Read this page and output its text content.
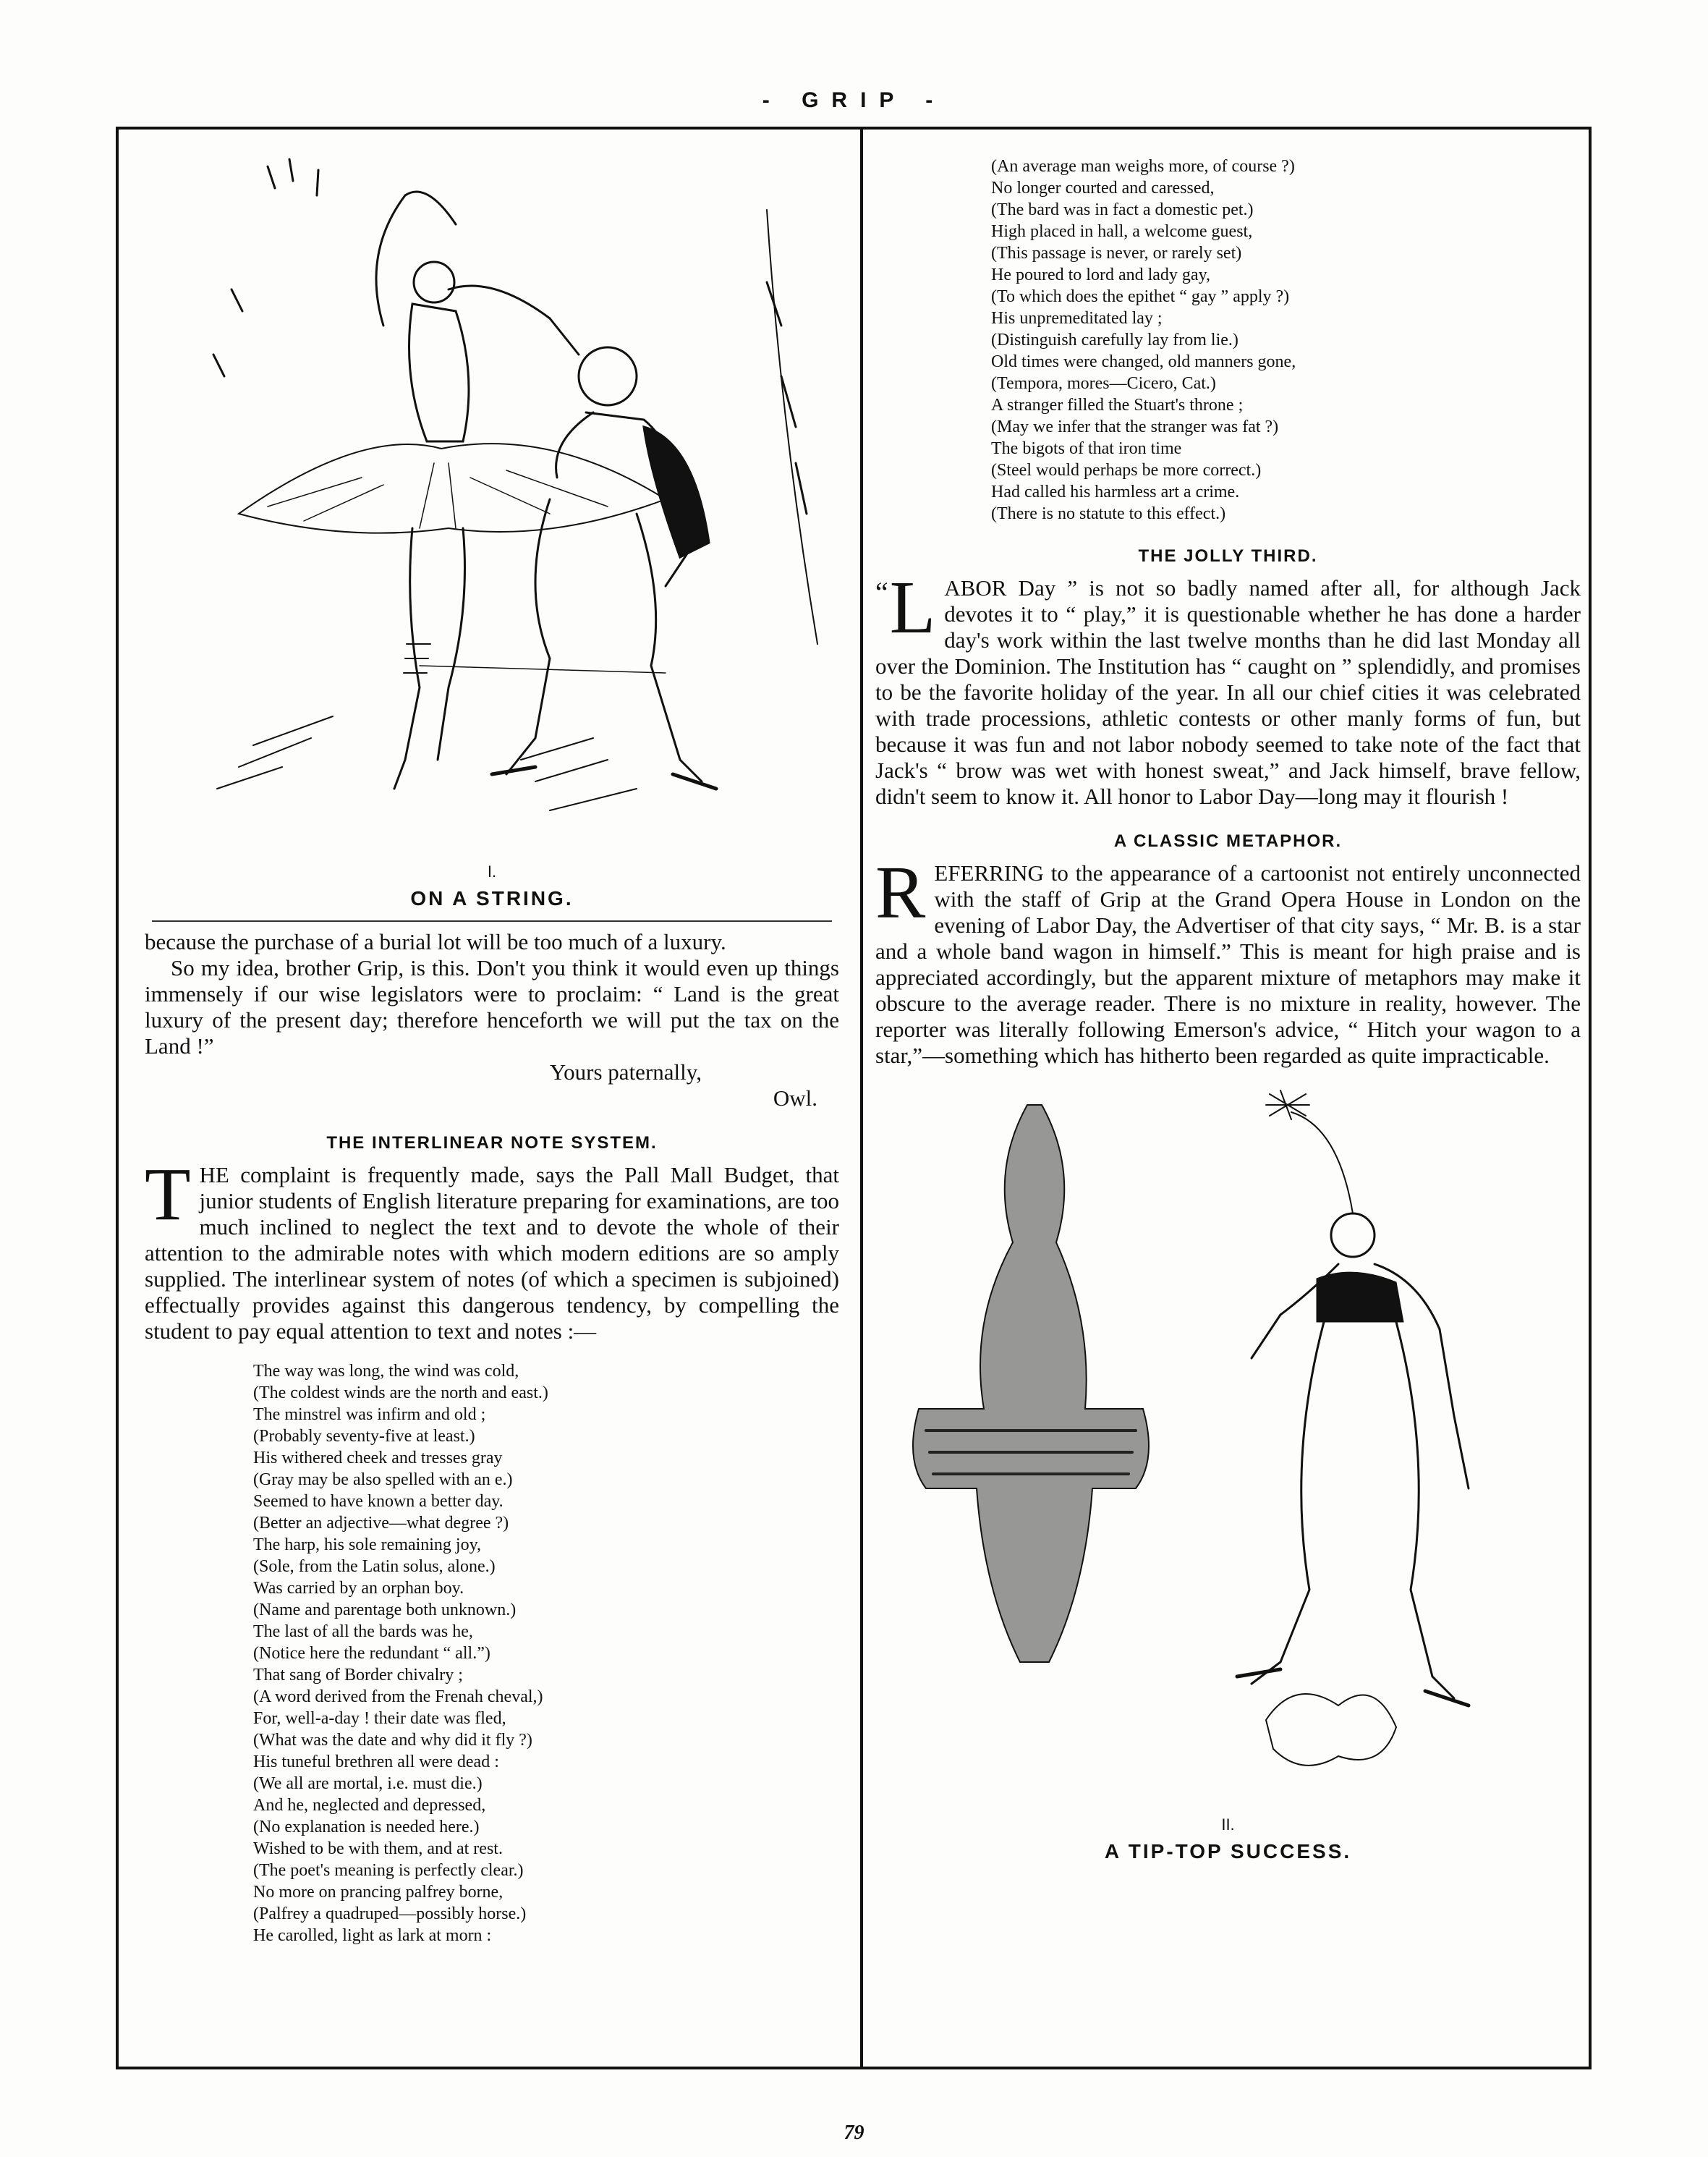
- GRIP -
I.
ON A STRING.

because the purchase of a burial lot will be too much of a luxury.

So my idea, brother Grip, is this. Don't you think it would even up things immensely if our wise legislators were to proclaim: “ Land is the great luxury of the present day; therefore henceforth we will put the tax on the Land !”

Yours paternally,

Owl.

THE INTERLINEAR NOTE SYSTEM.
T HE complaint is frequently made, says the Pall Mall Budget, that junior students of English literature preparing for examinations, are too much inclined to neglect the text and to devote the whole of their attention to the admirable notes with which modern editions are so amply supplied. The interlinear system of notes (of which a specimen is subjoined) effectually provides against this dangerous tendency, by compelling the student to pay equal attention to text and notes :—

The way was long, the wind was cold,
(The coldest winds are the north and east.)
The minstrel was infirm and old ;
(Probably seventy-five at least.)
His withered cheek and tresses gray
(Gray may be also spelled with an e.)
Seemed to have known a better day.
(Better an adjective—what degree ?)
The harp, his sole remaining joy,
(Sole, from the Latin solus, alone.)
Was carried by an orphan boy.
(Name and parentage both unknown.)
The last of all the bards was he,
(Notice here the redundant “ all.”)
That sang of Border chivalry ;
(A word derived from the Frenah cheval,)
For, well-a-day ! their date was fled,
(What was the date and why did it fly ?)
His tuneful brethren all were dead :
(We all are mortal, i.e. must die.)
And he, neglected and depressed,
(No explanation is needed here.)
Wished to be with them, and at rest.
(The poet's meaning is perfectly clear.)
No more on prancing palfrey borne,
(Palfrey a quadruped—possibly horse.)
He carolled, light as lark at morn :
(An average man weighs more, of course ?)
No longer courted and caressed,
(The bard was in fact a domestic pet.)
High placed in hall, a welcome guest,
(This passage is never, or rarely set)
He poured to lord and lady gay,
(To which does the epithet “ gay ” apply ?)
His unpremeditated lay ;
(Distinguish carefully lay from lie.)
Old times were changed, old manners gone,
(Tempora, mores—Cicero, Cat.)
A stranger filled the Stuart's throne ;
(May we infer that the stranger was fat ?)
The bigots of that iron time
(Steel would perhaps be more correct.)
Had called his harmless art a crime.
(There is no statute to this effect.)
THE JOLLY THIRD.
“ L ABOR Day ” is not so badly named after all, for although Jack devotes it to “ play,” it is questionable whether he has done a harder day's work within the last twelve months than he did last Monday all over the Dominion. The Institution has “ caught on ” splendidly, and promises to be the favorite holiday of the year. In all our chief cities it was celebrated with trade processions, athletic contests or other manly forms of fun, but because it was fun and not labor nobody seemed to take note of the fact that Jack's “ brow was wet with honest sweat,” and Jack himself, brave fellow, didn't seem to know it. All honor to Labor Day—long may it flourish !

A CLASSIC METAPHOR.
R EFERRING to the appearance of a cartoonist not entirely unconnected with the staff of Grip at the Grand Opera House in London on the evening of Labor Day, the Advertiser of that city says, “ Mr. B. is a star and a whole band wagon in himself.” This is meant for high praise and is appreciated accordingly, but the apparent mixture of metaphors may make it obscure to the average reader. There is no mixture in reality, however. The reporter was literally following Emerson's advice, “ Hitch your wagon to a star,”—something which has hitherto been regarded as quite impracticable.

II.
A TIP-TOP SUCCESS.
79
